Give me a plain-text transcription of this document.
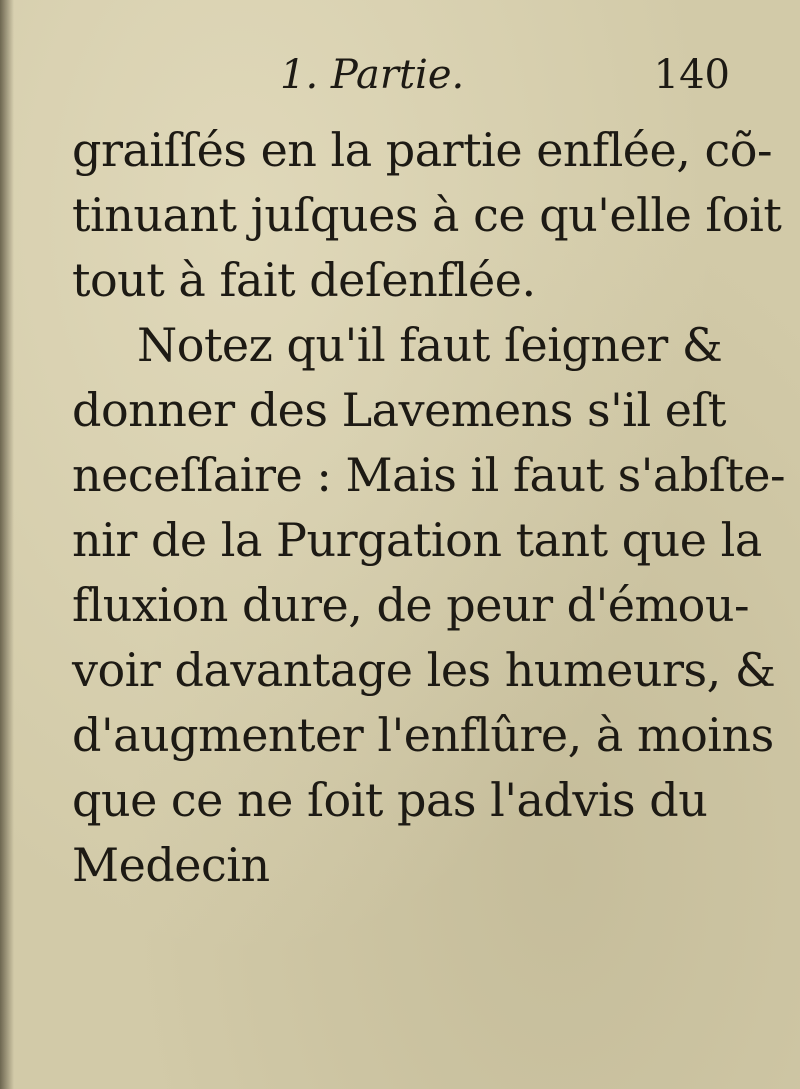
1. Partie.	140
graiſſés en la partie enflée, cõ-
tinuant juſques à ce qu'elle ſoit
tout à fait deſenflée.
Notez qu'il faut ſeigner &
donner des Lavemens s'il eſt
neceſſaire : Mais il faut s'abſte-
nir de la Purgation tant que la
fluxion dure, de peur d'émou-
voir davantage les humeurs, &
d'augmenter l'enflûre, à moins
que ce ne ſoit pas l'advis du
Medecin
